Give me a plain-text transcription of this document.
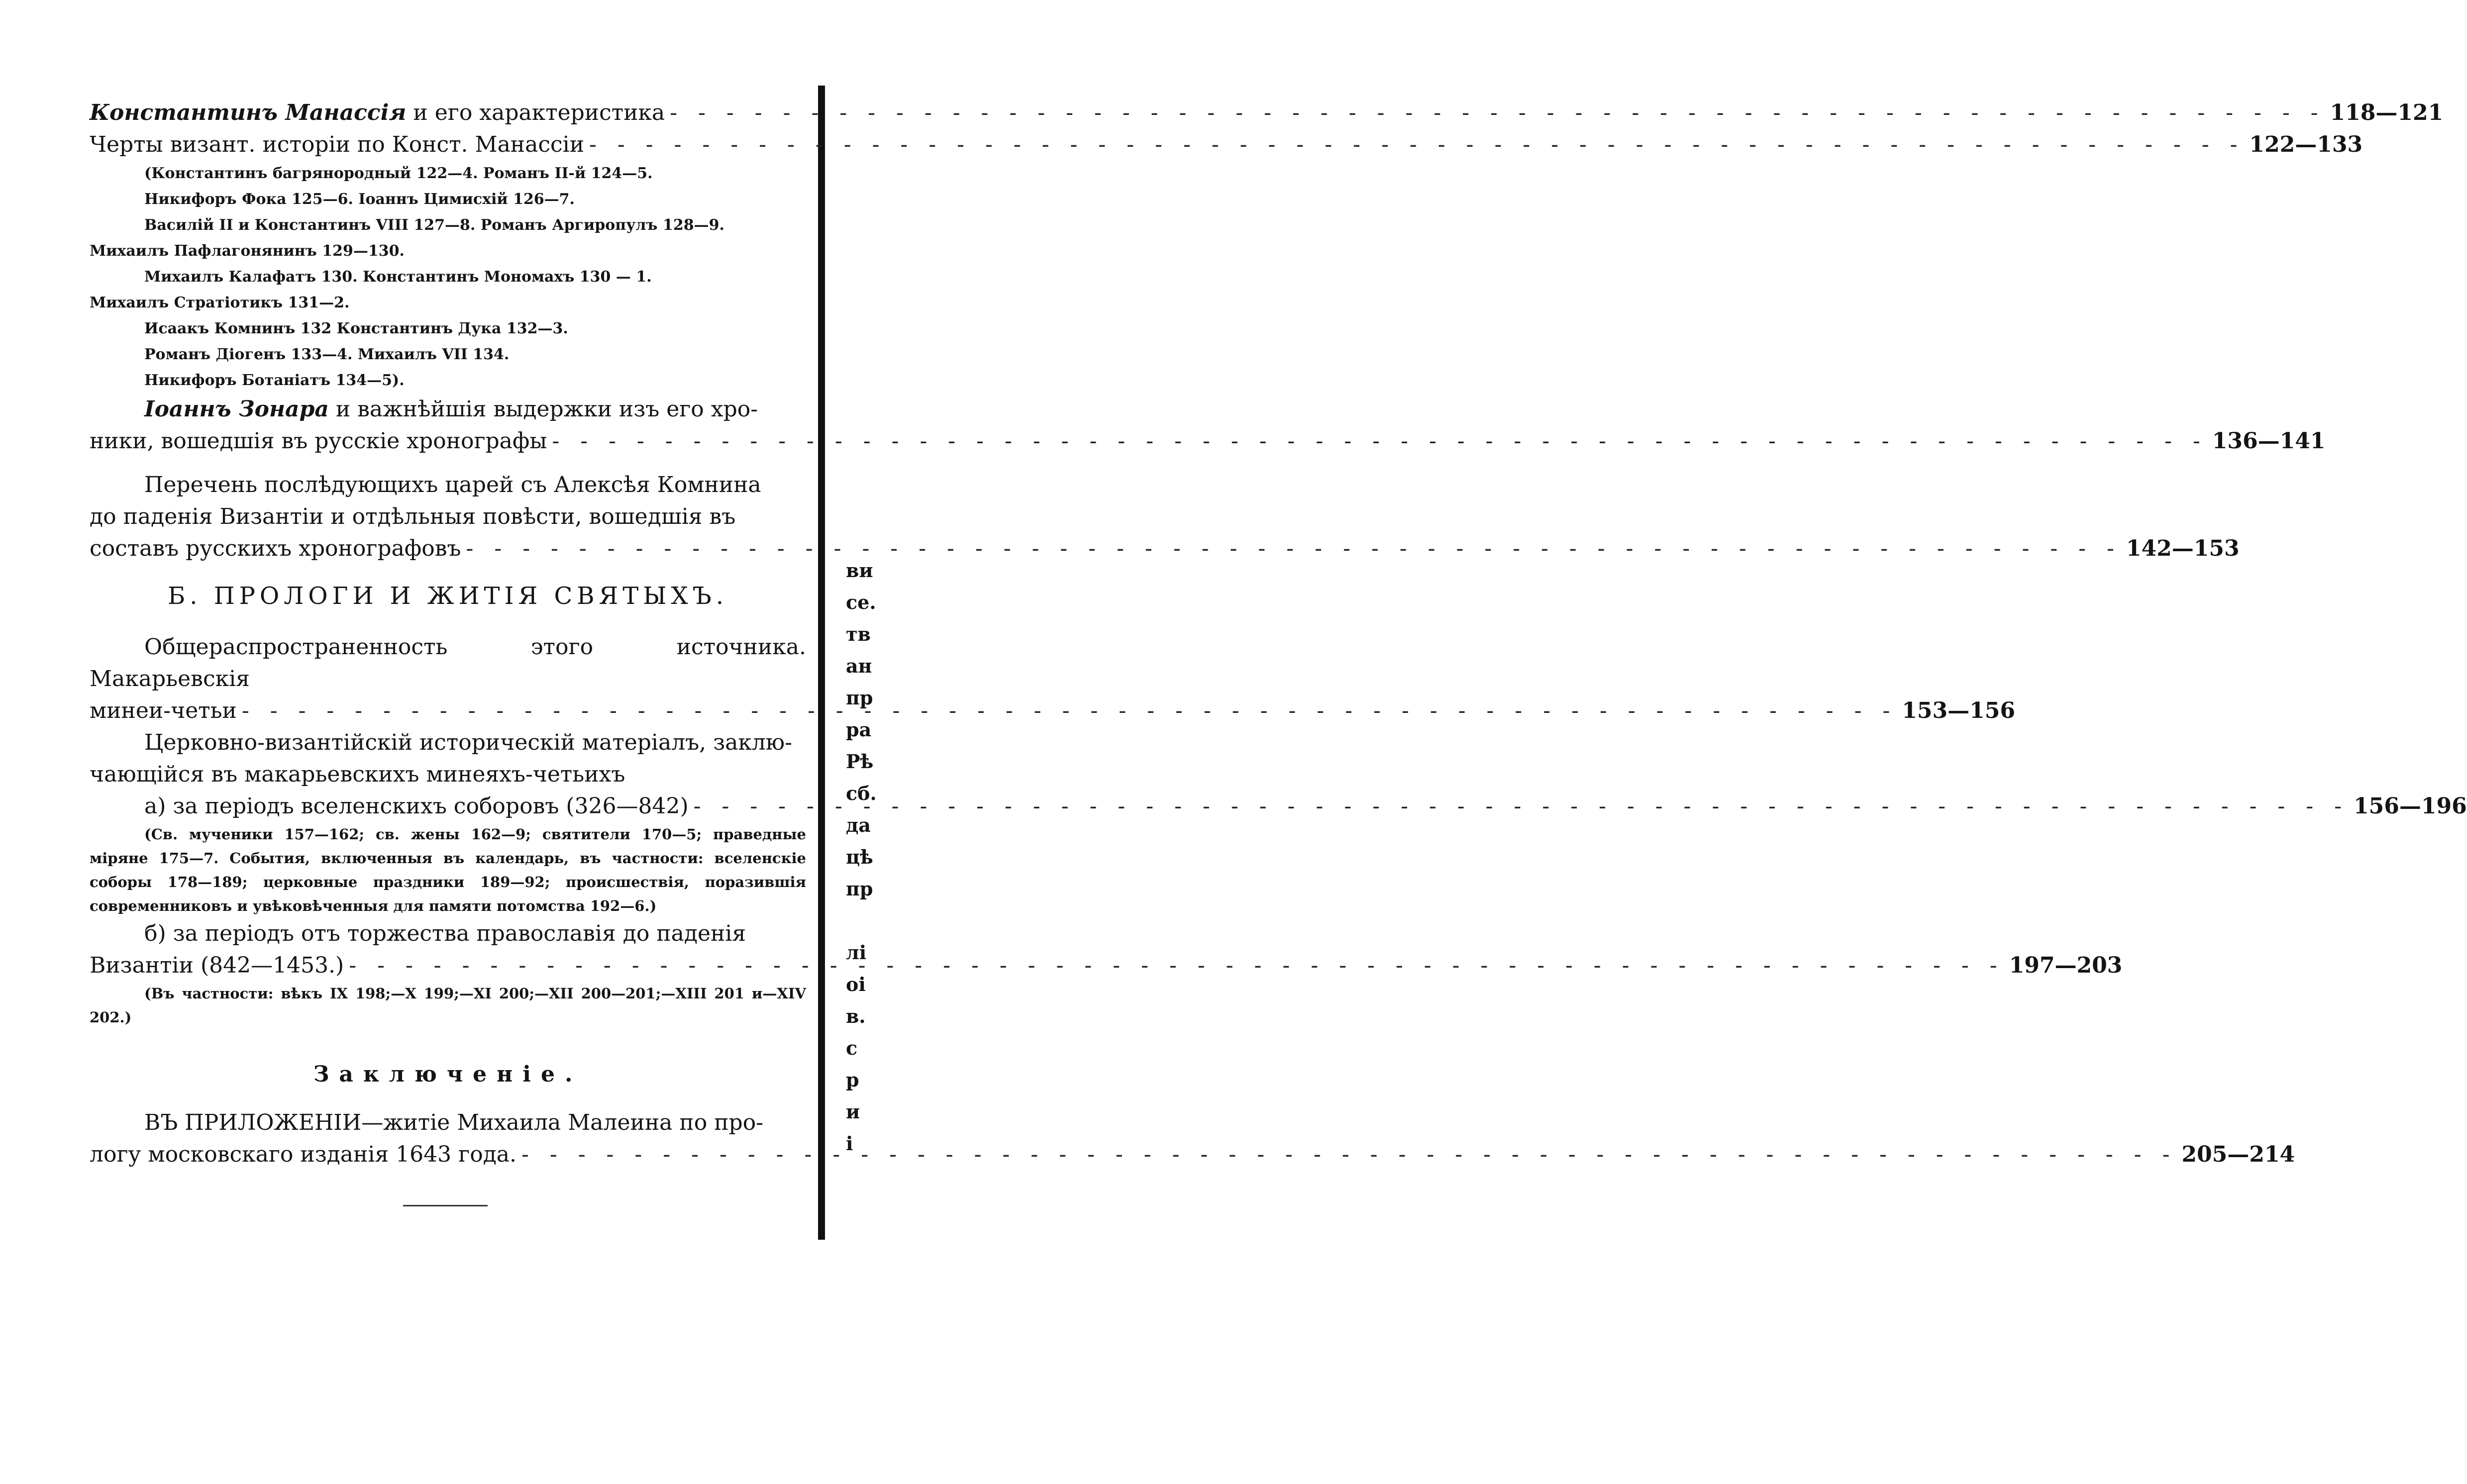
Константинъ Манассія и его характеристика - - -	118—121
Черты визант. исторіи по Конст. Манассіи - - -	122—133
(Константинъ багрянородный 122—4. Романъ II-й 124—5.
Никифоръ Фока 125—6. Іоаннъ Цимисхій 126—7.
Василій II и Константинъ VIII 127—8. Романъ Аргиропулъ 128—9.
Михаилъ Пафлагонянинъ 129—130.
Михаилъ Калафатъ 130. Константинъ Мономахъ 130 — 1.
Михаилъ Стратіотикъ 131—2.
Исаакъ Комнинъ 132 Константинъ Дука 132—3.
Романъ Діогенъ 133—4. Михаилъ VII 134.
Никифоръ Ботаніатъ 134—5).
Іоаннъ Зонара и важнѣйшія выдержки изъ его хро-
ники, вошедшія въ русскіе хронографы - - -	136—141
Перечень послѣдующихъ царей съ Алексѣя Комнина
до паденія Византіи и отдѣльныя повѣсти, вошедшія въ
составъ русскихъ хронографовъ - - -	142—153
Б. ПРОЛОГИ И ЖИТІЯ СВЯТЫХЪ.
Общераспространенность этого источника. Макарьевскія
минеи-четьи - - -	153—156
Церковно-византійскій историческій матеріалъ, заклю-
чающійся въ макарьевскихъ минеяхъ-четьихъ
а) за періодъ вселенскихъ соборовъ (326—842) - - -	156—196
(Св. мученики 157—162; св. жены 162—9; святители 170—5; праведные міряне 175—7. События, включенныя въ календарь, въ частности: вселенскіе соборы 178—189; церковные праздники 189—92; происшествія, поразившія современниковъ и увѣковѣченныя для памяти потомства 192—6.)
б) за періодъ отъ торжества православія до паденія
Византіи (842—1453.) - - -	197—203
(Въ частности: вѣкъ IX 198;—X 199;—XI 200;—XII 200—201;—XIII 201 и—XIV 202.)
Заключеніе.
ВЪ ПРИЛОЖЕНІИ—житіе Михаила Малеина по про-
логу московскаго изданія 1643 года. - - -	205—214
ви
се.
тв
ан
пр
ра
Рѣ
сб.
да
цѣ
пр

лі
оі
в.
с
р
и
і
